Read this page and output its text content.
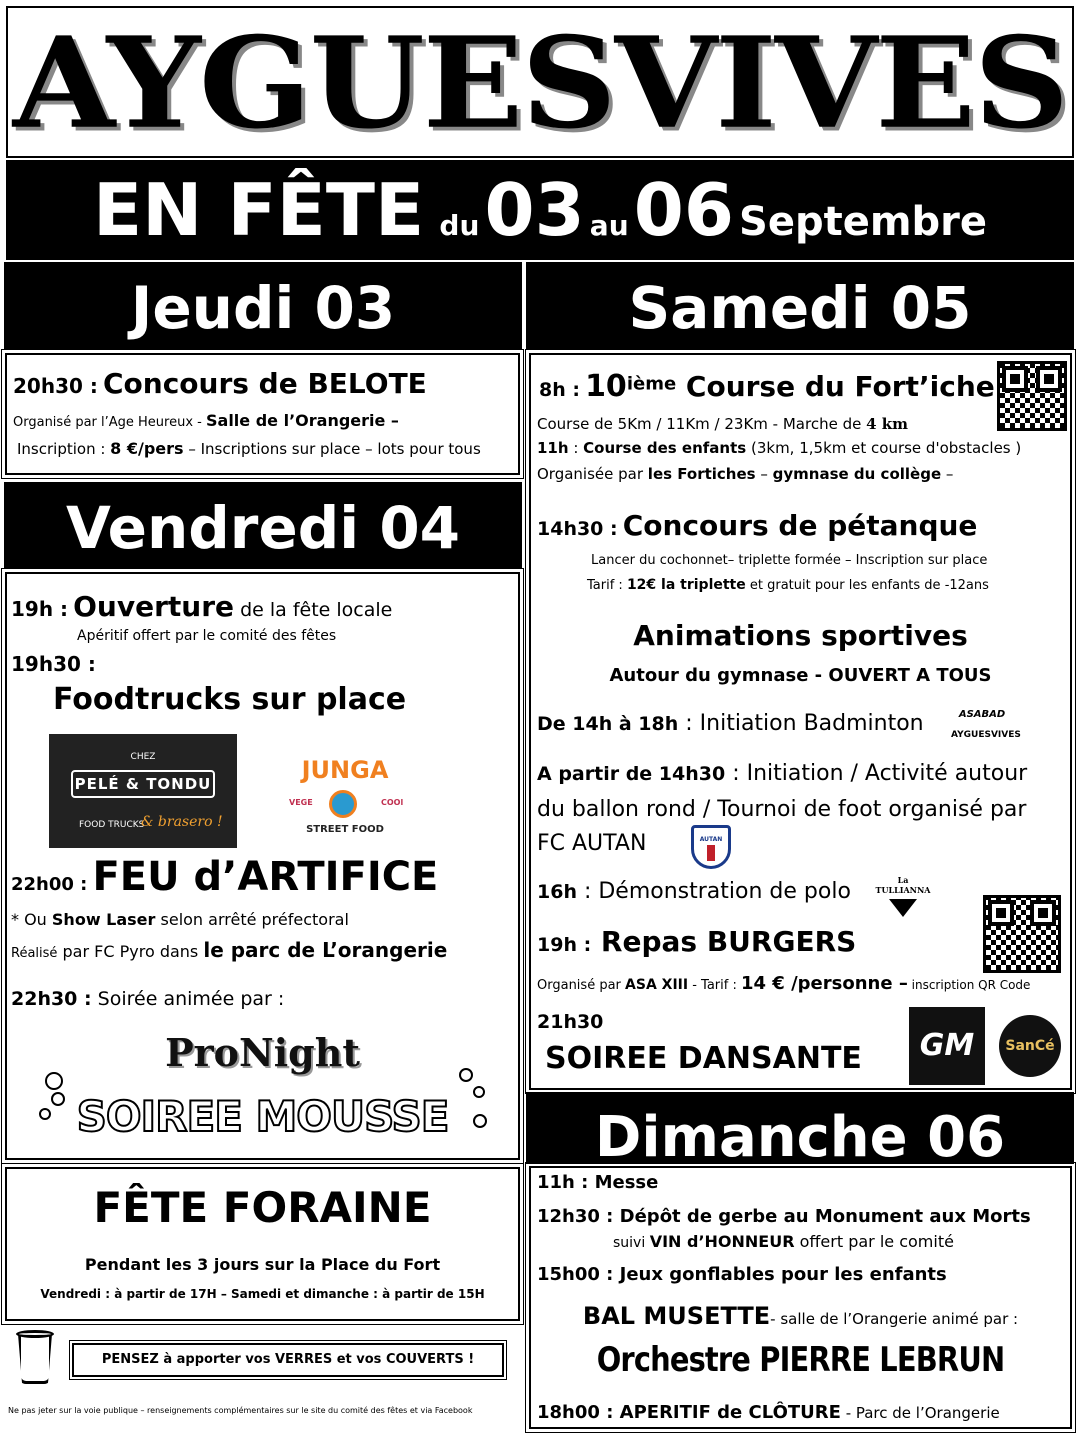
AYGUESVIVES
EN FÊTE du 03 au 06 Septembre
Jeudi 03
20h30 : Concours de BELOTE
Organisé par l’Age Heureux - Salle de l’Orangerie –
Inscription : 8 €/pers – Inscriptions sur place – lots pour tous
Vendredi 04
19h : Ouverture de la fête locale
Apéritif offert par le comité des fêtes
19h30 :
Foodtrucks sur place
CHEZ
PELÉ & TONDU
FOOD TRUCKS
& brasero !
JUNGA
VEGE	COOl
STREET FOOD
22h00 : FEU d’ARTIFICE
* Ou Show Laser selon arrêté préfectoral
Réalisé par FC Pyro dans le parc de L’orangerie
22h30 : Soirée animée par :
ProNight
SOIREE MOUSSE
FÊTE FORAINE
Pendant les 3 jours sur la Place du Fort
Vendredi : à partir de 17H – Samedi et dimanche : à partir de 15H
PENSEZ à apporter vos VERRES et vos COUVERTS !
Ne pas jeter sur la voie publique – renseignements complémentaires sur le site du comité des fêtes et via Facebook
Samedi 05
8h : 10ième Course du Fort’iche
Course de 5Km / 11Km / 23Km - Marche de 4 km
11h : Course des enfants (3km, 1,5km et course d'obstacles )
Organisée par les Fortiches – gymnase du collège –
14h30 : Concours de pétanque
Lancer du cochonnet– triplette formée – Inscription sur place
Tarif : 12€ la triplette et gratuit pour les enfants de -12ans
Animations sportives
Autour du gymnase - OUVERT A TOUS
De 14h à 18h : Initiation Badminton	ASABAD
AYGUESVIVES
A partir de 14h30 : Initiation / Activité autour
du ballon rond / Tournoi de foot organisé par
FC AUTAN	AUTAN
16h : Démonstration de polo	La TULLIANNA
19h : Repas BURGERS
Organisé par ASA XIII - Tarif : 14 € /personne – inscription QR Code
21h30
SOIREE DANSANTE	GM	SanCé
Dimanche 06
11h : Messe
12h30 : Dépôt de gerbe au Monument aux Morts
suivi VIN d’HONNEUR offert par le comité
15h00 : Jeux gonflables pour les enfants
BAL MUSETTE- salle de l’Orangerie animé par :
Orchestre PIERRE LEBRUN
18h00 : APERITIF de CLÔTURE - Parc de l’Orangerie
